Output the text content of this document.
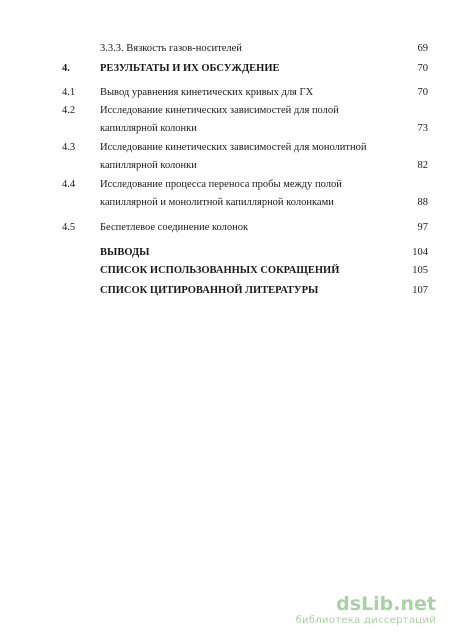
3.3.3. Вязкость газов-носителей	69
4.	РЕЗУЛЬТАТЫ И ИХ ОБСУЖДЕНИЕ	70
4.1 Вывод уравнения кинетических кривых для ГХ	70
4.2 Исследование кинетических зависимостей для полой
капиллярной колонки	73
4.3 Исследование кинетических зависимостей для монолитной
капиллярной колонки	82
4.4 Исследование процесса переноса пробы между полой
капиллярной и монолитной капиллярной колонками	88
4.5 Беспетлевое соединение колонок	97
ВЫВОДЫ	104
СПИСОК ИСПОЛЬЗОВАННЫХ СОКРАЩЕНИЙ	105
СПИСОК ЦИТИРОВАННОЙ ЛИТЕРАТУРЫ	107
dsLib.net
библиотека диссертаций
